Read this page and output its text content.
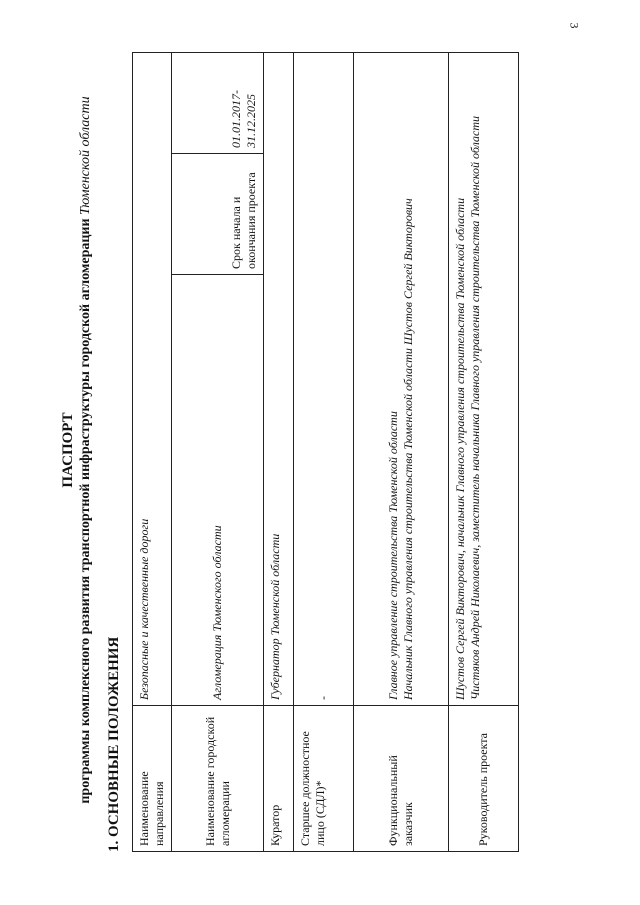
3
ПАСПОРТ программы комплексного развития транспортной инфраструктуры городской агломерации Тюменской области
1. ОСНОВНЫЕ ПОЛОЖЕНИЯ Наименование направления	Безопасные и качественные дороги		
Наименование городской агломерации	Агломерация Тюменского области	Срок начала и окончания проекта	01.01.2017-31.12.2025
Куратор	Губернатор Тюменской области		
Старшее должностное лицо (СДЛ)*	-		
Функциональный заказчик	Главное управление строительства Тюменской области Начальник Главного управления строительства Тюменской области Шустов Сергей Викторович		

Руководитель проекта	Шустов Сергей Викторович, начальник Главного управления строительства Тюменской области Чистяков Андрей Николаевич, заместитель начальника Главного управления строительства Тюменской области		
